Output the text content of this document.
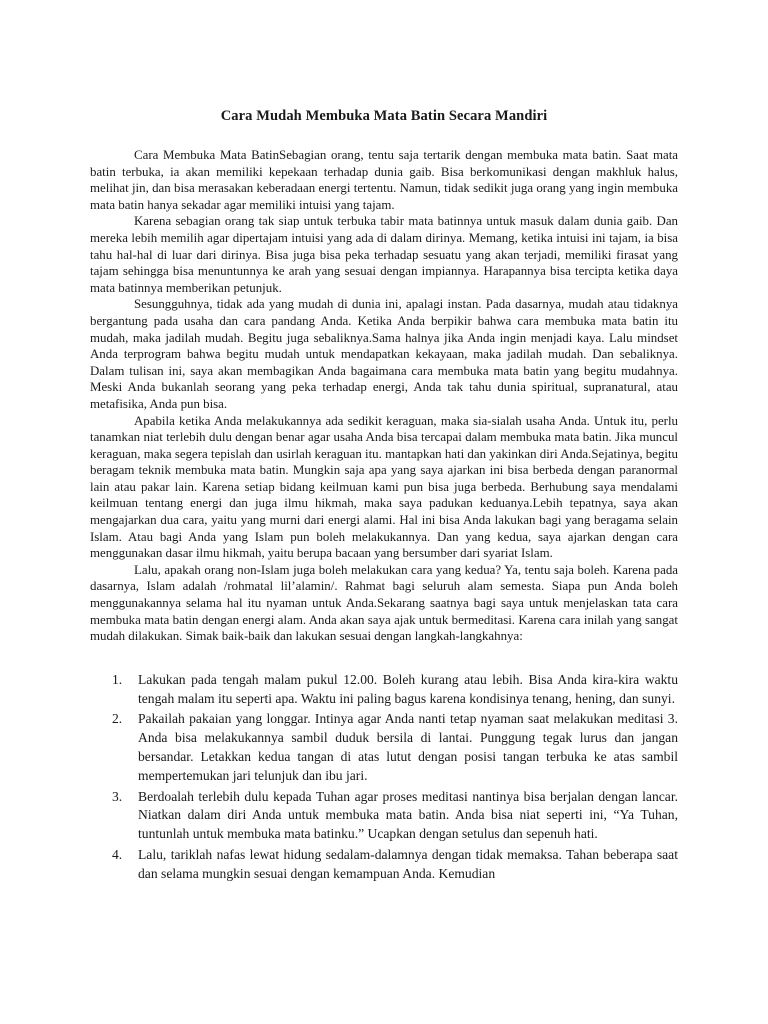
Cara Mudah Membuka Mata Batin Secara Mandiri

Cara Membuka Mata BatinSebagian orang, tentu saja tertarik dengan membuka mata batin. Saat mata batin terbuka, ia akan memiliki kepekaan terhadap dunia gaib. Bisa berkomunikasi dengan makhluk halus, melihat jin, dan bisa merasakan keberadaan energi tertentu. Namun, tidak sedikit juga orang yang ingin membuka mata batin hanya sekadar agar memiliki intuisi yang tajam.

Karena sebagian orang tak siap untuk terbuka tabir mata batinnya untuk masuk dalam dunia gaib. Dan mereka lebih memilih agar dipertajam intuisi yang ada di dalam dirinya. Memang, ketika intuisi ini tajam, ia bisa tahu hal-hal di luar dari dirinya. Bisa juga bisa peka terhadap sesuatu yang akan terjadi, memiliki firasat yang tajam sehingga bisa menuntunnya ke arah yang sesuai dengan impiannya. Harapannya bisa tercipta ketika daya mata batinnya memberikan petunjuk.

Sesungguhnya, tidak ada yang mudah di dunia ini, apalagi instan. Pada dasarnya, mudah atau tidaknya bergantung pada usaha dan cara pandang Anda. Ketika Anda berpikir bahwa cara membuka mata batin itu mudah, maka jadilah mudah. Begitu juga sebaliknya.Sama halnya jika Anda ingin menjadi kaya. Lalu mindset Anda terprogram bahwa begitu mudah untuk mendapatkan kekayaan, maka jadilah mudah. Dan sebaliknya. Dalam tulisan ini, saya akan membagikan Anda bagaimana cara membuka mata batin yang begitu mudahnya. Meski Anda bukanlah seorang yang peka terhadap energi, Anda tak tahu dunia spiritual, supranatural, atau metafisika, Anda pun bisa.

Apabila ketika Anda melakukannya ada sedikit keraguan, maka sia-sialah usaha Anda. Untuk itu, perlu tanamkan niat terlebih dulu dengan benar agar usaha Anda bisa tercapai dalam membuka mata batin. Jika muncul keraguan, maka segera tepislah dan usirlah keraguan itu. mantapkan hati dan yakinkan diri Anda.Sejatinya, begitu beragam teknik membuka mata batin. Mungkin saja apa yang saya ajarkan ini bisa berbeda dengan paranormal lain atau pakar lain. Karena setiap bidang keilmuan kami pun bisa juga berbeda. Berhubung saya mendalami keilmuan tentang energi dan juga ilmu hikmah, maka saya padukan keduanya.Lebih tepatnya, saya akan mengajarkan dua cara, yaitu yang murni dari energi alami. Hal ini bisa Anda lakukan bagi yang beragama selain Islam. Atau bagi Anda yang Islam pun boleh melakukannya. Dan yang kedua, saya ajarkan dengan cara menggunakan dasar ilmu hikmah, yaitu berupa bacaan yang bersumber dari syariat Islam.

Lalu, apakah orang non-Islam juga boleh melakukan cara yang kedua? Ya, tentu saja boleh. Karena pada dasarnya, Islam adalah /rohmatal lil’alamin/. Rahmat bagi seluruh alam semesta. Siapa pun Anda boleh menggunakannya selama hal itu nyaman untuk Anda.Sekarang saatnya bagi saya untuk menjelaskan tata cara membuka mata batin dengan energi alam. Anda akan saya ajak untuk bermeditasi. Karena cara inilah yang sangat mudah dilakukan. Simak baik-baik dan lakukan sesuai dengan langkah-langkahnya:

1. Lakukan pada tengah malam pukul 12.00. Boleh kurang atau lebih. Bisa Anda kira-kira waktu tengah malam itu seperti apa. Waktu ini paling bagus karena kondisinya tenang, hening, dan sunyi.
2. Pakailah pakaian yang longgar. Intinya agar Anda nanti tetap nyaman saat melakukan meditasi 3. Anda bisa melakukannya sambil duduk bersila di lantai. Punggung tegak lurus dan jangan bersandar. Letakkan kedua tangan di atas lutut dengan posisi tangan terbuka ke atas sambil mempertemukan jari telunjuk dan ibu jari.
3. Berdoalah terlebih dulu kepada Tuhan agar proses meditasi nantinya bisa berjalan dengan lancar. Niatkan dalam diri Anda untuk membuka mata batin. Anda bisa niat seperti ini, “Ya Tuhan, tuntunlah untuk membuka mata batinku.” Ucapkan dengan setulus dan sepenuh hati.
4. Lalu, tariklah nafas lewat hidung sedalam-dalamnya dengan tidak memaksa. Tahan beberapa saat dan selama mungkin sesuai dengan kemampuan Anda. Kemudian
